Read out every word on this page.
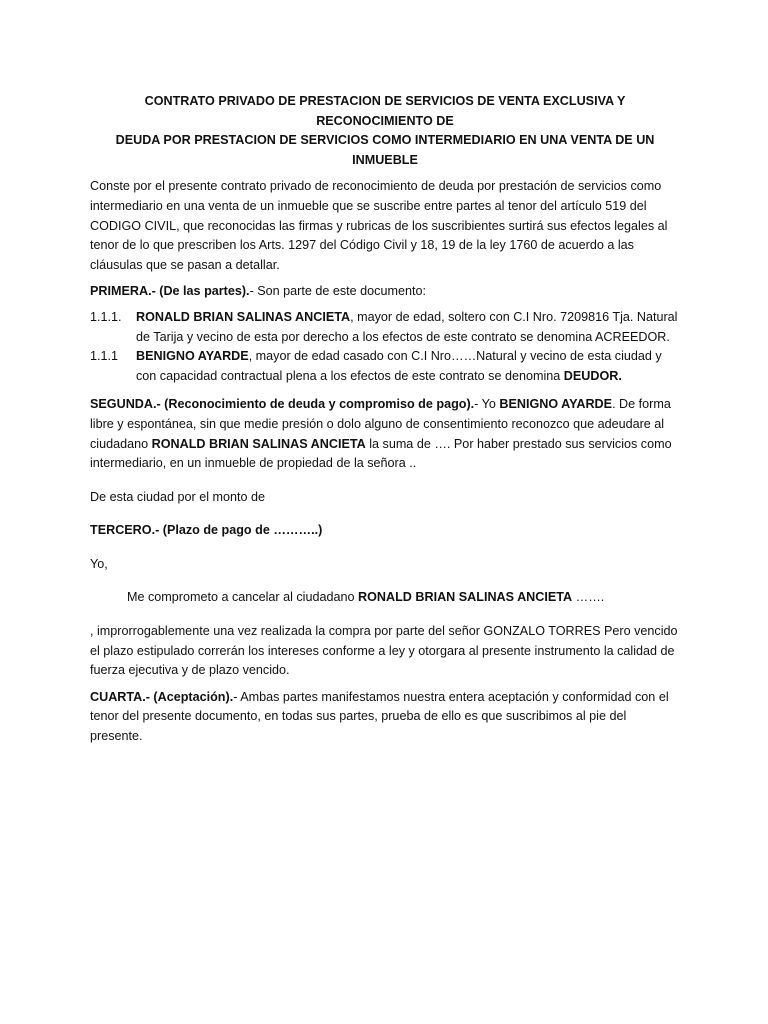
CONTRATO PRIVADO DE PRESTACION DE SERVICIOS DE VENTA EXCLUSIVA Y RECONOCIMIENTO DE
DEUDA POR PRESTACION DE SERVICIOS COMO INTERMEDIARIO EN UNA VENTA DE UN INMUEBLE

Conste por el presente contrato privado de reconocimiento de deuda por prestación de servicios como intermediario en una venta de un inmueble que se suscribe entre partes al tenor del artículo 519 del CODIGO CIVIL, que reconocidas las firmas y rubricas de los suscribientes surtirá sus efectos legales al tenor de lo que prescriben los Arts. 1297 del Código Civil y 18, 19 de la ley 1760 de acuerdo a las cláusulas que se pasan a detallar.

PRIMERA.- (De las partes).- Son parte de este documento:

1.1.1.	RONALD BRIAN SALINAS ANCIETA, mayor de edad, soltero con C.I Nro. 7209816 Tja. Natural de Tarija y vecino de esta por derecho a los efectos de este contrato se denomina ACREEDOR.
1.1.1	BENIGNO AYARDE, mayor de edad casado con C.I Nro……Natural y vecino de esta ciudad y con capacidad contractual plena a los efectos de este contrato se denomina DEUDOR.

SEGUNDA.- (Reconocimiento de deuda y compromiso de pago).- Yo BENIGNO AYARDE. De forma libre y espontánea, sin que medie presión o dolo alguno de consentimiento reconozco que adeudare al ciudadano RONALD BRIAN SALINAS ANCIETA la suma de …. Por haber prestado sus servicios como intermediario, en un inmueble de propiedad de la señora ..

De esta ciudad por el monto de

TERCERO.- (Plazo de pago de ………..)

Yo,

Me comprometo a cancelar al ciudadano RONALD BRIAN SALINAS ANCIETA …….

, improrrogablemente una vez realizada la compra por parte del señor GONZALO TORRES Pero vencido el plazo estipulado correrán los intereses conforme a ley y otorgara al presente instrumento la calidad de fuerza ejecutiva y de plazo vencido.

CUARTA.- (Aceptación).- Ambas partes manifestamos nuestra entera aceptación y conformidad con el tenor del presente documento, en todas sus partes, prueba de ello es que suscribimos al pie del presente.
